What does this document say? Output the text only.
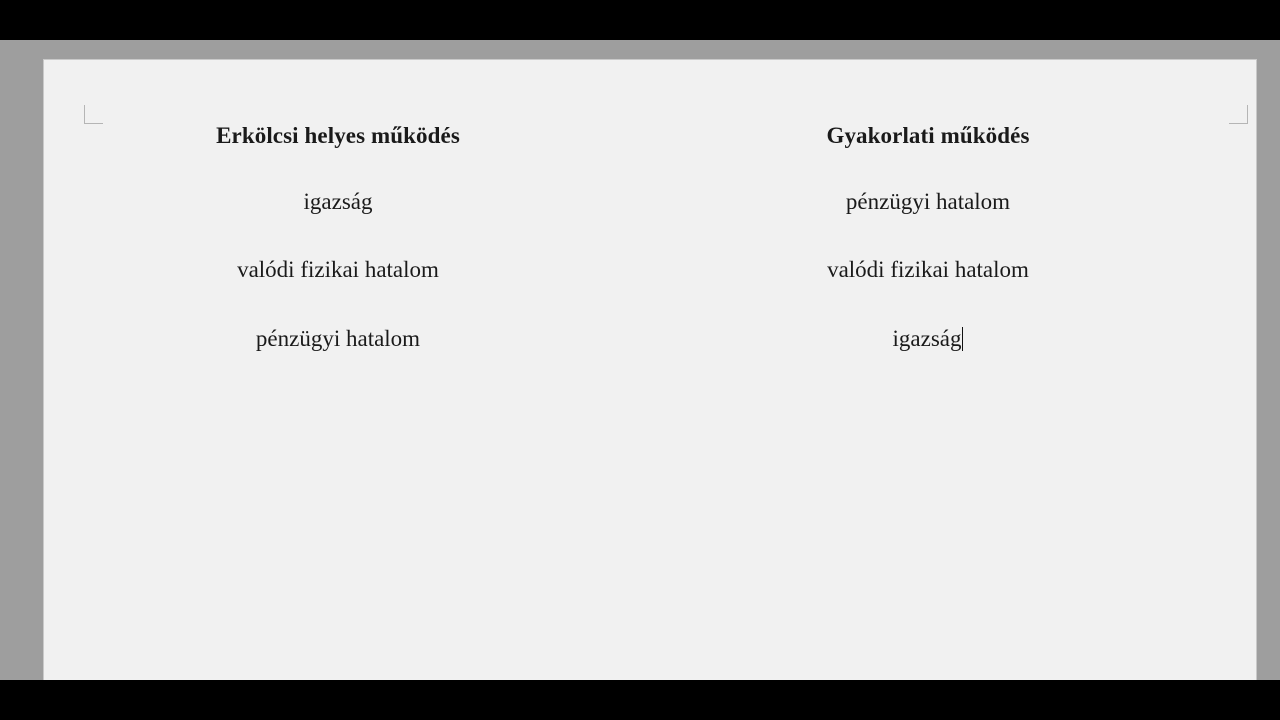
Erkölcsi helyes működés

igazság

valódi fizikai hatalom

pénzügyi hatalom

Gyakorlati működés

pénzügyi hatalom

valódi fizikai hatalom

igazság
